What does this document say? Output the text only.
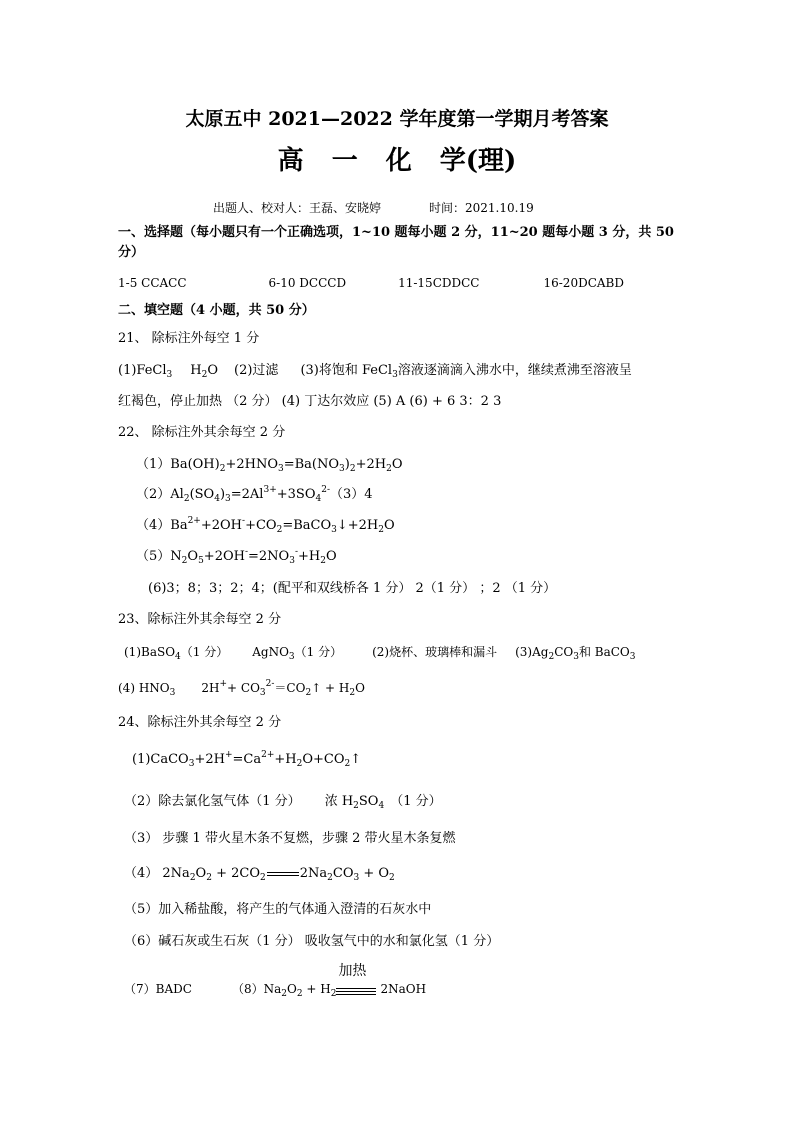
太原五中 2021—2022 学年度第一学期月考答案
高 一 化 学(理)
出题人、校对人：王磊、安晓婷	时间：2021.10.19
一、选择题（每小题只有一个正确选项，1~10 题每小题 2 分，11~20 题每小题 3 分，共 50
分）
1-5 CCACC	6-10 DCCCD	11-15CDDCC	16-20DCABD
二、填空题（4 小题，共 50 分）
21、 除标注外每空 1 分
(1)FeCl$_3$ $H_2O$ (2)过滤 (3)将饱和 FeCl$_3$溶液逐滴滴入沸水中，继续煮沸至溶液呈
红褐色，停止加热 （2 分） (4) 丁达尔效应 (5) A (6) + 6 3：2 3
22、 除标注外其余每空 2 分
$(1)Ba(OH)_2+2HNO_3=Ba(NO_3)_2+2H_2O$
$(2)Al_2(SO_4)_3=2Al^{3+}+3SO_4^{2-}(3)4$
$(4)Ba^{2+}+2OH^-+CO_2=BaCO_3↓+2H_2O$
$(5)N_2O_5+2OH^-=2NO_3^-+H_2O$
(6)3；8；3；2；4；(配平和双线桥各 1 分） 2（1 分） ；2 （1 分）
23、除标注外其余每空 2 分
(1)BaSO$_4$（1 分） AgNO$_3$（1 分）	(2)烧杯、玻璃棒和漏斗 $(3)Ag_2CO_3$和 BaCO$_3$
(4) $HNO_3$ $2H^++ CO_3^{2-}=CO_2↑ + H_2O$
24、除标注外其余每空 2 分
$(1)CaCO_3+2H^+=Ca^{2+}+H_2O+CO_2↑$
（2）除去氯化氢气体（1 分） 浓 $H_2SO_4$ （1 分）
（3） 步骤 1 带火星木条不复燃，步骤 2 带火星木条复燃
（4） $2Na_2O_2 + 2CO_2$	$2Na_2CO_3 + O_2$
（5）加入稀盐酸，将产生的气体通入澄清的石灰水中
（6）碱石灰或生石灰（1 分） 吸收氢气中的水和氯化氢（1 分）
（7）BADC	$(8)Na_2O_2 + H_2$
加热
2NaOH
